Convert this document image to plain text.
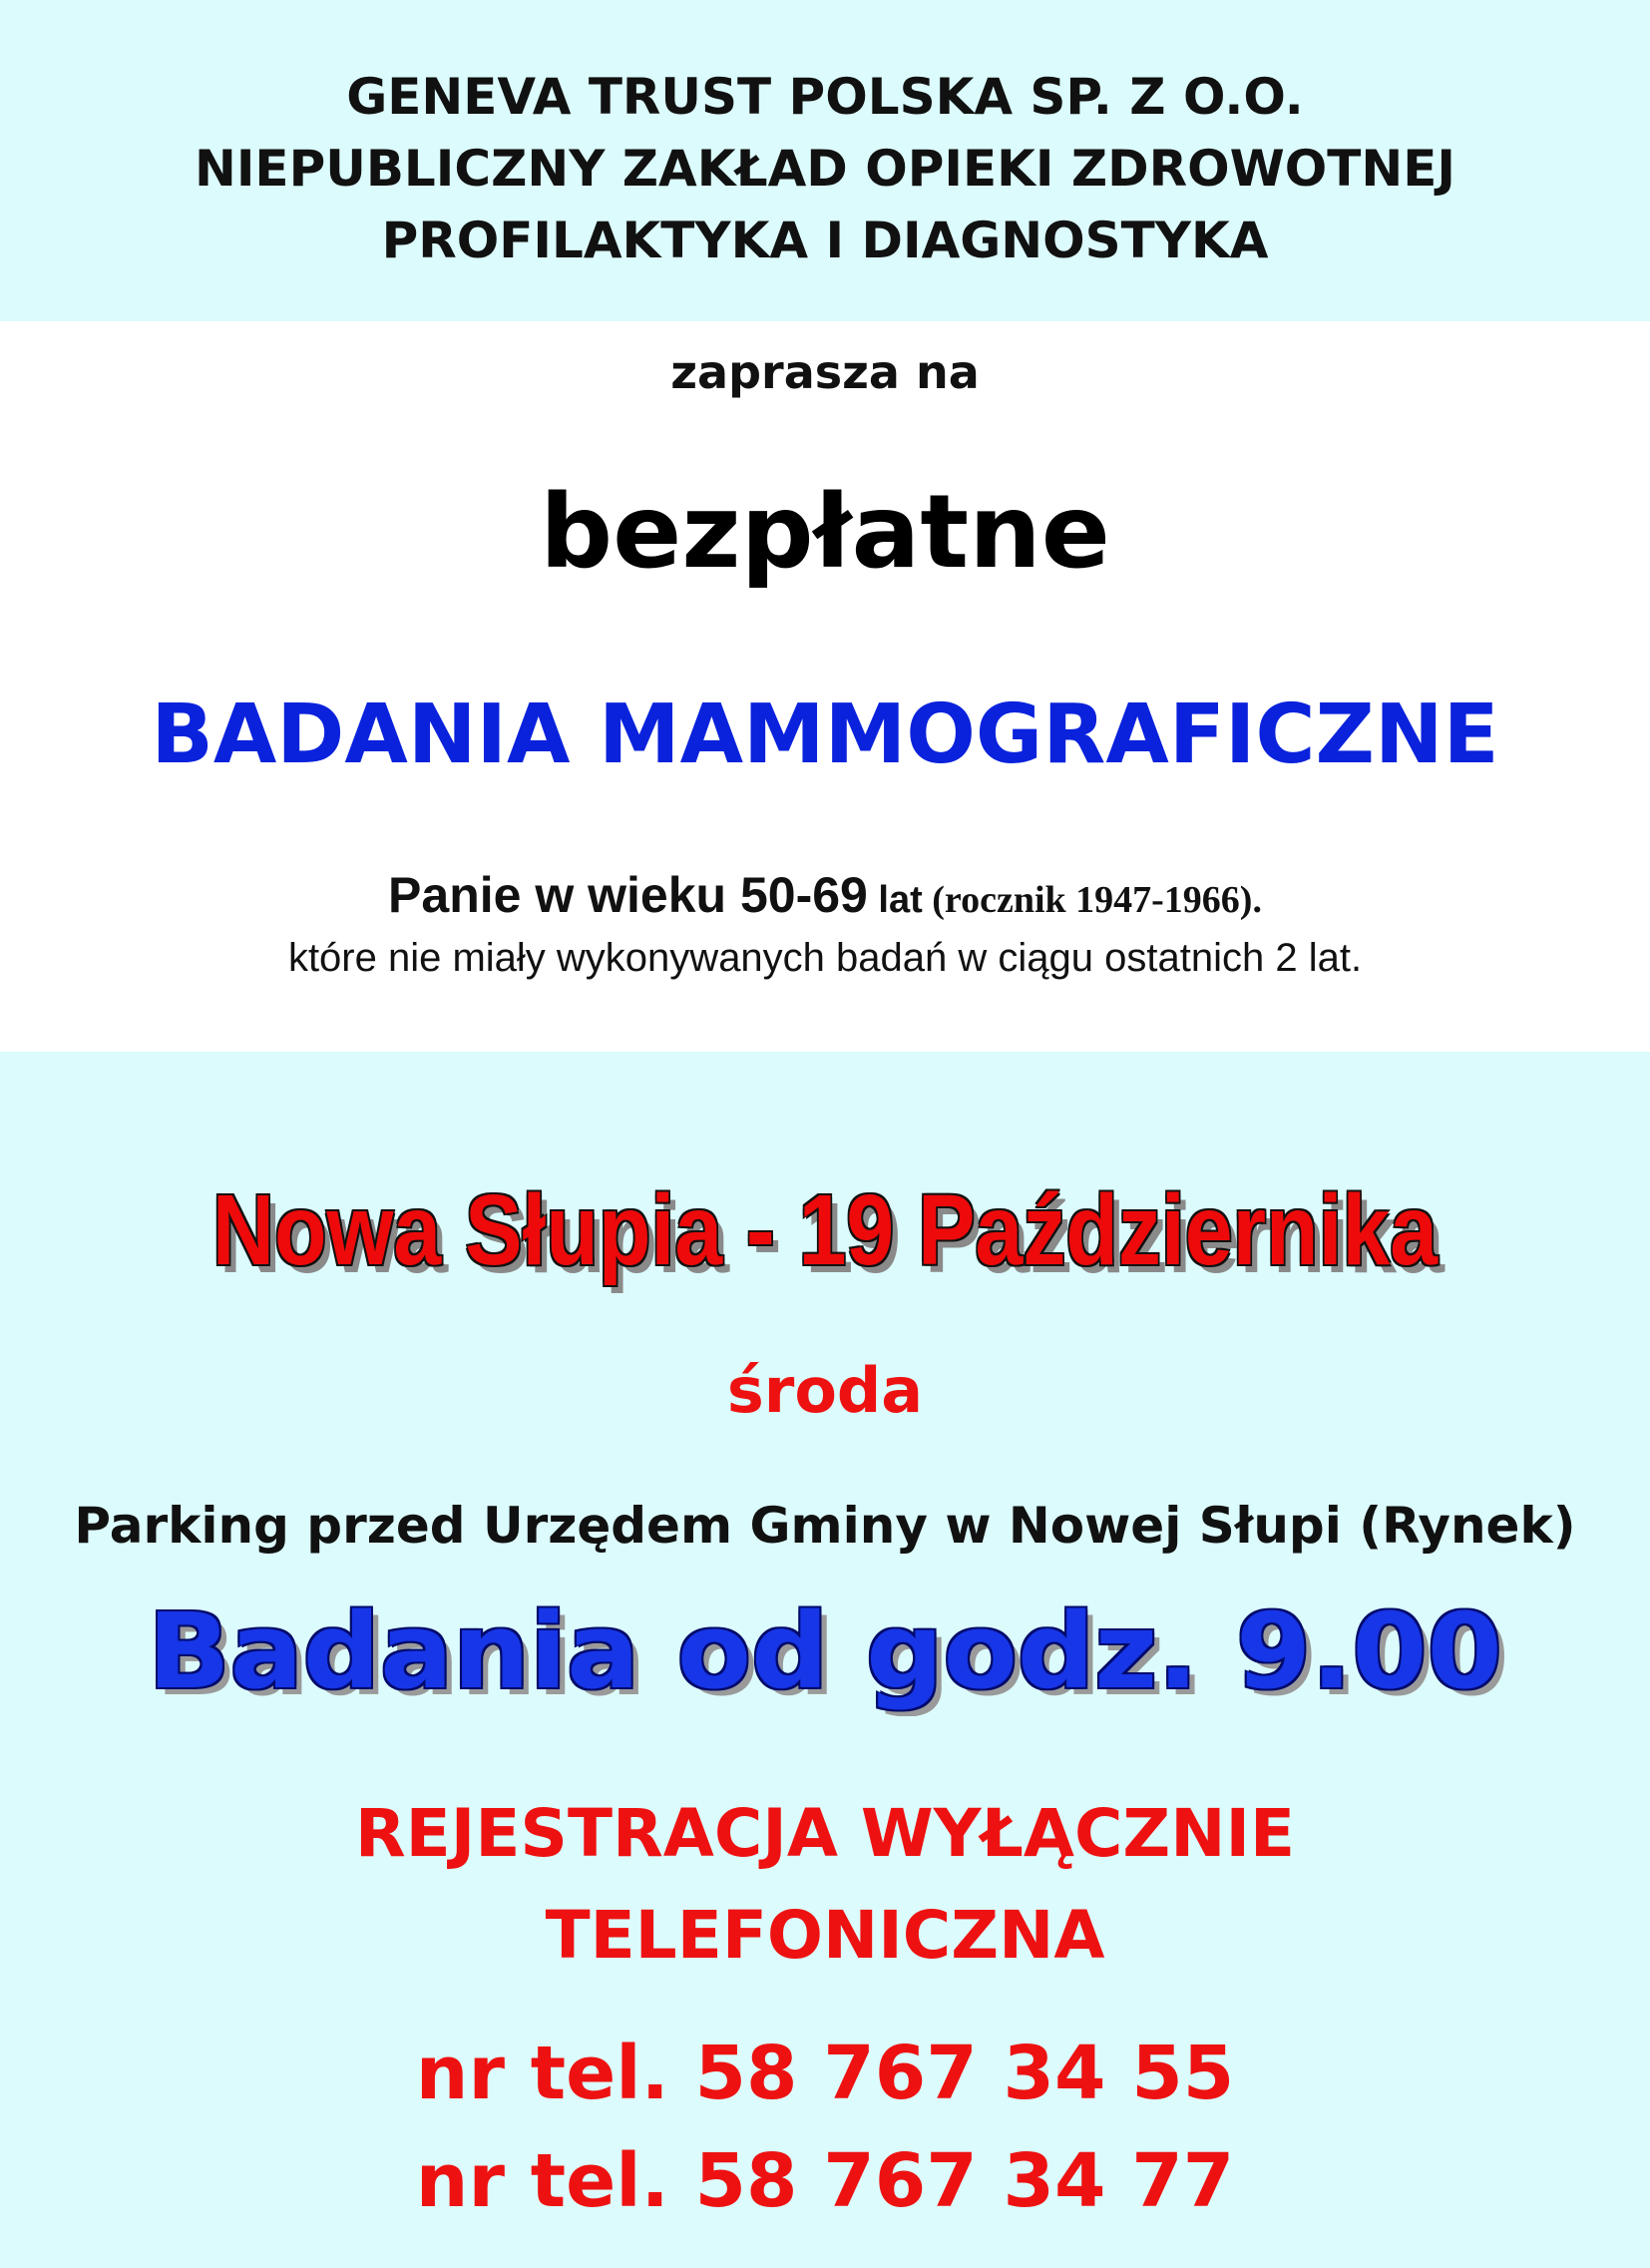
GENEVA TRUST POLSKA SP. Z O.O.
NIEPUBLICZNY ZAKŁAD OPIEKI ZDROWOTNEJ
PROFILAKTYKA I DIAGNOSTYKA
zaprasza na
bezpłatne
BADANIA MAMMOGRAFICZNE
Panie w wieku 50-69 lat (rocznik 1947-1966).
które nie miały wykonywanych badań w ciągu ostatnich 2 lat.
Nowa Słupia - 19 Października
środa
Parking przed Urzędem Gminy w Nowej Słupi (Rynek)
Badania od godz. 9.00
REJESTRACJA WYŁĄCZNIE
TELEFONICZNA
nr tel. 58 767 34 55
nr tel. 58 767 34 77
